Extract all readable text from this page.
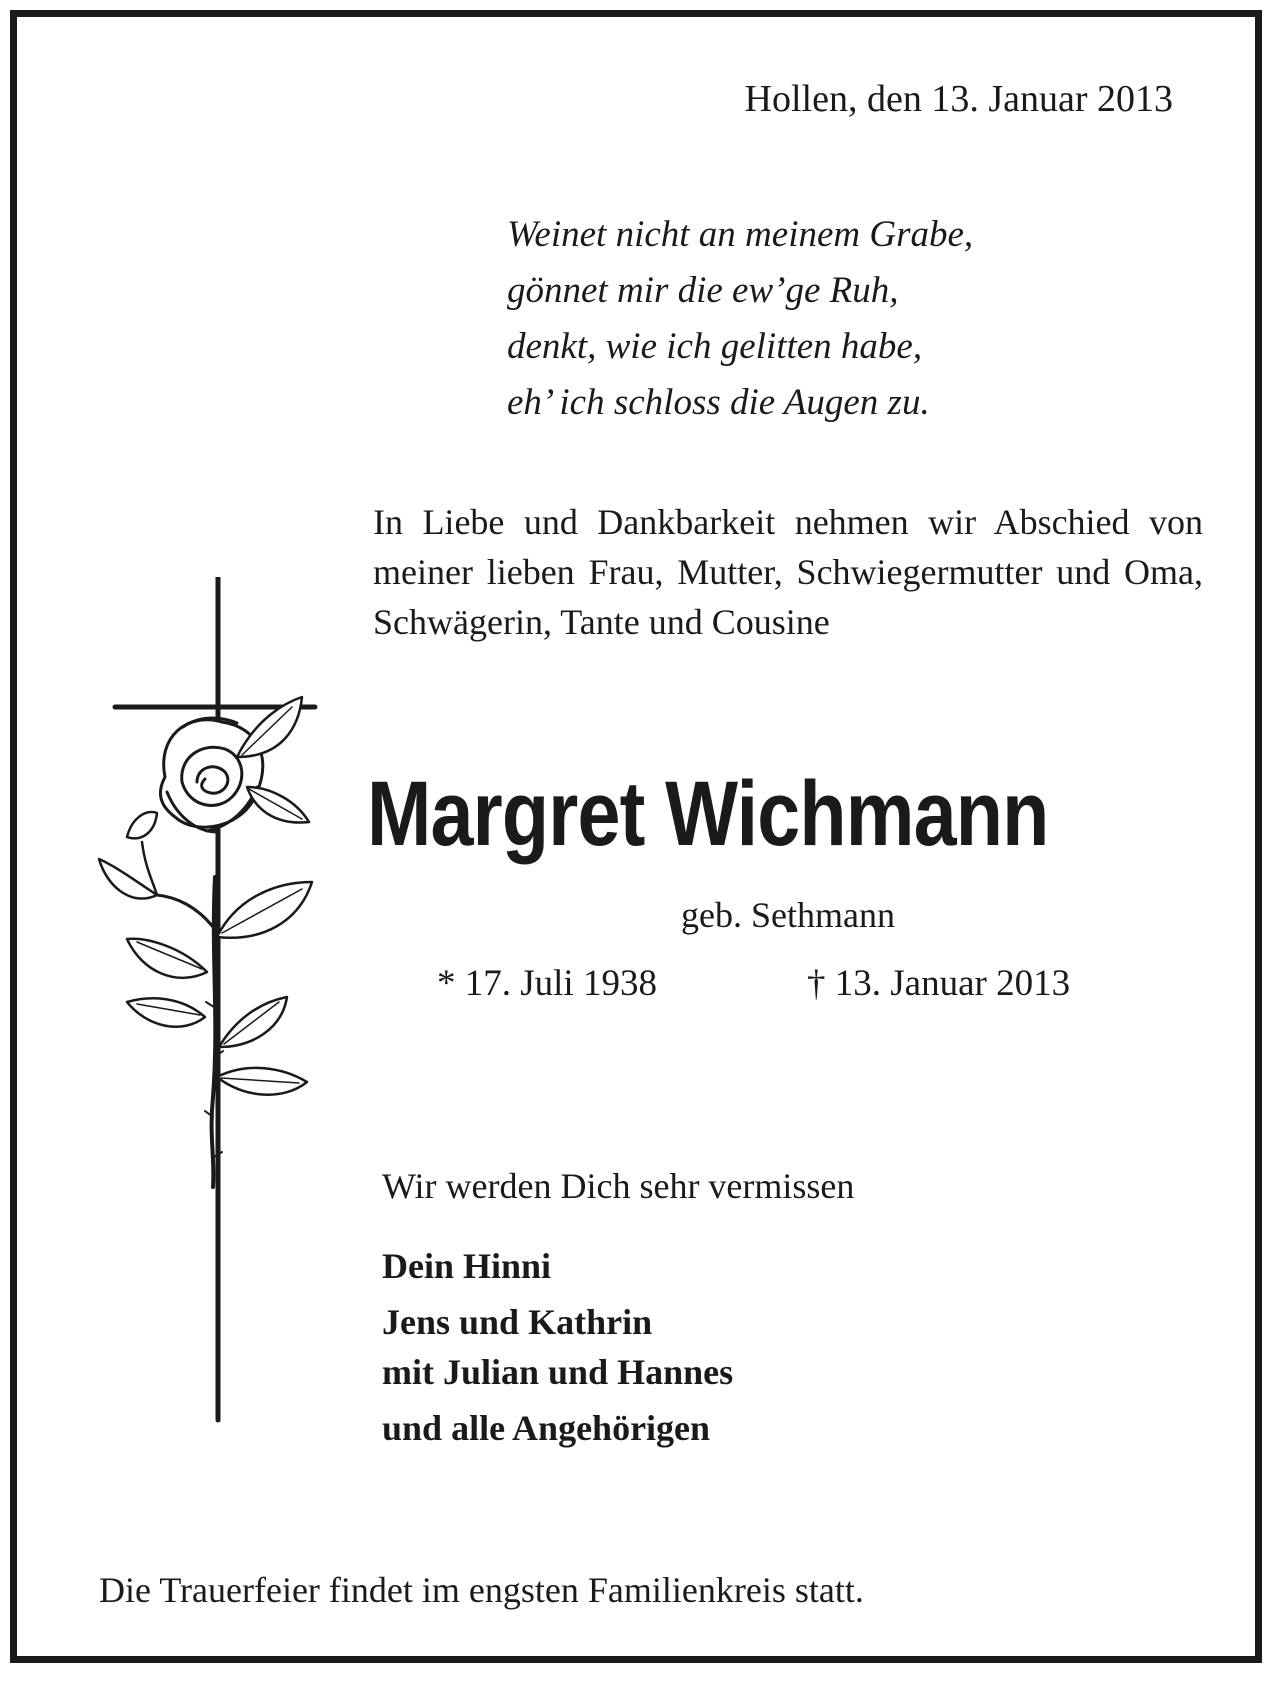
Hollen, den 13. Januar 2013
Weinet nicht an meinem Grabe,
gönnet mir die ew’ge Ruh,
denkt, wie ich gelitten habe,
eh’ ich schloss die Augen zu.
In Liebe und Dankbarkeit nehmen wir Abschied von meiner lieben Frau, Mutter, Schwiegermutter und Oma, Schwägerin, Tante und Cousine
Margret Wichmann
geb. Sethmann
* 17. Juli 1938	† 13. Januar 2013
Wir werden Dich sehr vermissen
Dein Hinni
Jens und Kathrin
mit Julian und Hannes
und alle Angehörigen
Die Trauerfeier findet im engsten Familienkreis statt.
